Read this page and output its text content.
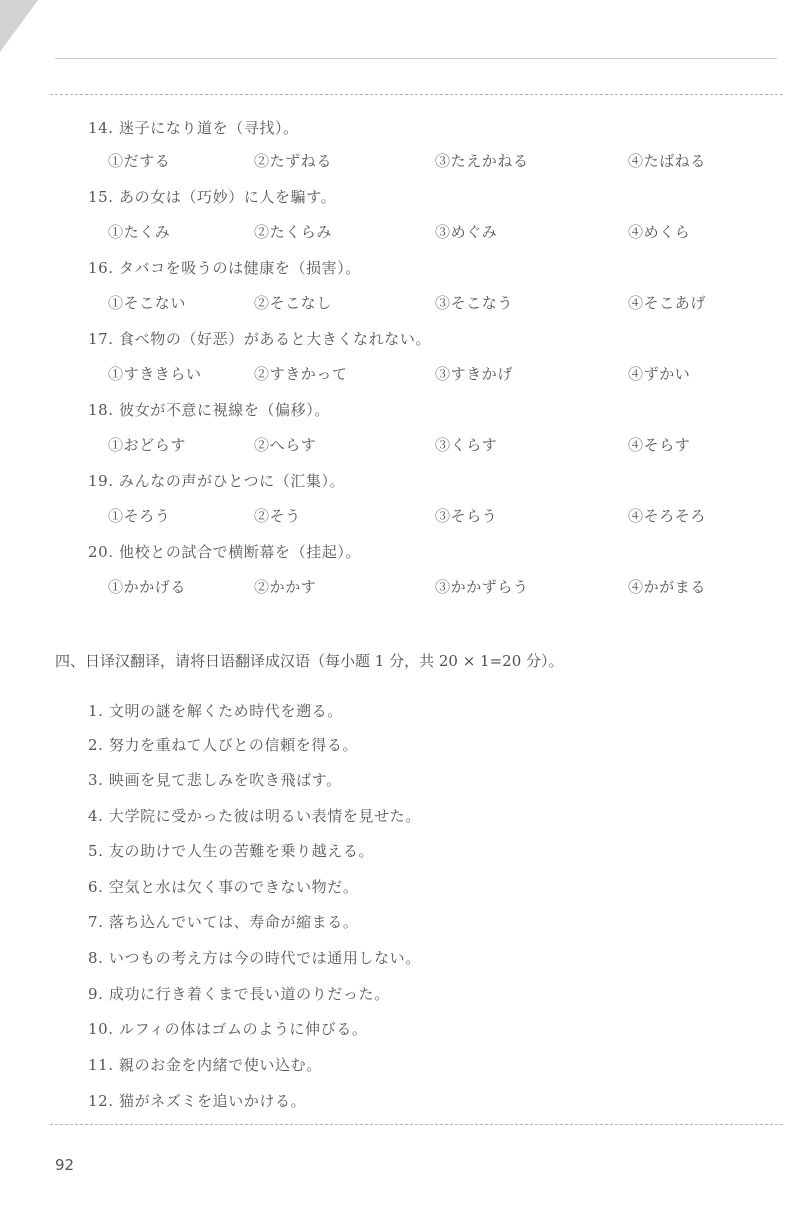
14. 迷子になり道を（寻找）。
①だする	②たずねる	③たえかねる	④たばねる
15. あの女は（巧妙）に人を騙す。
①たくみ	②たくらみ	③めぐみ	④めくら
16. タバコを吸うのは健康を（损害）。
①そこない	②そこなし	③そこなう	④そこあげ
17. 食べ物の（好恶）があると大きくなれない。
①すききらい	②すきかって	③すきかげ	④ずかい
18. 彼女が不意に視線を（偏移）。
①おどらす	②へらす	③くらす	④そらす
19. みんなの声がひとつに（汇集）。
①そろう	②そう	③そらう	④そろそろ
20. 他校との試合で横断幕を（挂起）。
①かかげる	②かかす	③かかずらう	④かがまる
四、日译汉翻译，请将日语翻译成汉语（每小题 1 分，共 20 × 1=20 分）。
1. 文明の謎を解くため時代を遡る。
2. 努力を重ねて人びとの信頼を得る。
3. 映画を見て悲しみを吹き飛ばす。
4. 大学院に受かった彼は明るい表情を見せた。
5. 友の助けで人生の苦難を乗り越える。
6. 空気と水は欠く事のできない物だ。
7. 落ち込んでいては、寿命が縮まる。
8. いつもの考え方は今の時代では通用しない。
9. 成功に行き着くまで長い道のりだった。
10. ルフィの体はゴムのように伸びる。
11. 親のお金を内緒で使い込む。
12. 猫がネズミを追いかける。
92
